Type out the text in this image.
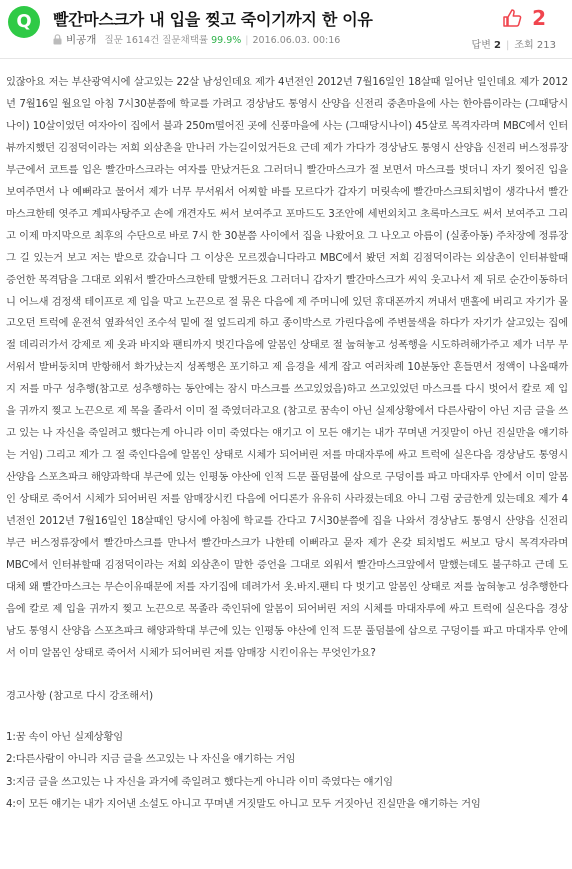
Q	빨간마스크가 내 입을 찢고 죽이기까지 한 이유
비공개 질문 1614건 질문채택률 99.9% | 2016.06.03. 00:16
2
답변 2 | 조회 213

있잖아요 저는 부산광역시에 살고있는 22살 남성인데요 제가 4년전인 2012년 7월16일인 18살때 일어난 일인데요 제가 2012년 7월16일 월요일 아침 7시30분쯤에 학교를 가려고 경상남도 통영시 산양읍 신전리 중촌마을에 사는 한아름이라는 (그때당시나이) 10살이었던 여자아이 집에서 불과 250m떨어진 곳에 신풍마을에 사는 (그때당시나이) 45살로 목격자라며 MBC에서 인터뷰까지했던 김점덕이라는 저희 외삼촌을 만나러 가는길이었거든요 근데 제가 가다가 경상남도 통영시 산양읍 신전리 버스정류장 부근에서 코트를 입은 빨간마스크라는 여자를 만났거든요 그러더니 빨간마스크가 절 보면서 마스크를 벗더니 자기 찢어진 입을 보여주면서 나 예뻐라고 물어서 제가 너무 무서워서 어찌할 바를 모르다가 갑자기 머릿속에 빨간마스크퇴치법이 생각나서 빨간마스크한테 엿주고 계피사탕주고 손에 개견자도 써서 보여주고 포마드도 3조안에 세번외치고 초록마스크도 써서 보여주고 그리고 이제 마지막으로 최후의 수단으로 바로 7시 한 30분쯤 사이에서 집을 나왔어요 그 나오고 아름이 (실종아동) 주차장에 정류장 그 길 있는거 보고 저는 밭으로 갔습니다 그 이상은 모르겠습니다라고 MBC에서 봤던 저희 김점덕이라는 외삼촌이 인터뷰할때 증언한 목격담을 그대로 외워서 빨간마스크한테 말했거든요 그러더니 갑자기 빨간마스크가 씨익 웃고나서 제 뒤로 순간이동하더니 어느새 검정색 테이프로 제 입을 막고 노끈으로 절 묶은 다음에 제 주머니에 있던 휴대폰까지 꺼내서 맨홀에 버리고 자기가 몰고오던 트럭에 운전석 옆좌석인 조수석 밑에 절 엎드리게 하고 종이박스로 가린다음에 주변물색을 하다가 자기가 살고있는 집에 절 데리러가서 강제로 제 옷과 바지와 팬티까지 벗긴다음에 알몸인 상태로 절 눕혀놓고 성폭행을 시도하려해가주고 제가 너무 무서워서 발버둥치며 반항해서 화가났는지 성폭행은 포기하고 제 음경을 세게 잡고 여러차례 10분동안 흔들면서 정액이 나올때까지 저를 마구 성추행(참고로 성추행하는 동안에는 잠시 마스크를 쓰고있었음)하고 쓰고있었던 마스크를 다시 벗어서 칼로 제 입을 귀까지 찢고 노끈으로 제 목을 졸라서 이미 절 죽였더라고요 (참고로 꿈속이 아닌 실제상황에서 다른사람이 아닌 지금 글을 쓰고 있는 나 자신을 죽일려고 했다는게 아니라 이미 죽였다는 얘기고 이 모든 얘기는 내가 꾸며낸 거짓말이 아닌 진실만을 얘기하는 거임) 그리고 제가 그 절 죽인다음에 알몸인 상태로 시체가 되어버린 저를 마대자루에 싸고 트럭에 실은다음 경상남도 통영시 산양읍 스포츠파크 해양과학대 부근에 있는 인평동 야산에 인적 드문 풀덤불에 삽으로 구덩이를 파고 마대자루 안에서 이미 알몸인 상태로 죽어서 시체가 되어버린 저를 암매장시킨 다음에 어디론가 유유히 사라졌는데요 아니 그럼 궁금한게 있는데요 제가 4년전인 2012년 7월16일인 18살때인 당시에 아침에 학교를 간다고 7시30분쯤에 집을 나와서 경상남도 통영시 산양읍 신전리 부근 버스정류장에서 빨간마스크를 만나서 빨간마스크가 나한테 이뻐라고 묻자 제가 온갖 퇴치법도 써보고 당시 목격자라며 MBC에서 인터뷰할때 김점덕이라는 저희 외삼촌이 말한 증언을 그대로 외워서 빨간마스크앞에서 말했는데도 불구하고 근데 도대체 왜 빨간마스크는 무슨이유때문에 저를 자기집에 데려가서 옷.바지.팬티 다 벗기고 알몸인 상태로 저를 눕혀놓고 성추행한다음에 칼로 제 입을 귀까지 찢고 노끈으로 목졸라 죽인뒤에 알몸이 되어버린 저의 시체를 마대자루에 싸고 트럭에 실은다음 경상남도 통영시 산양읍 스포츠파크 해양과학대 부근에 있는 인평동 야산에 인적 드문 풀덤불에 삽으로 구덩이를 파고 마대자루 안에서 이미 알몸인 상태로 죽어서 시체가 되어버린 저를 암매장 시킨이유는 무엇인가요?

경고사항 (참고로 다시 강조해서)
1:꿈 속이 아닌 실제상황임
2:다른사람이 아니라 지금 글을 쓰고있는 나 자신을 얘기하는 거임
3:지금 글을 쓰고있는 나 자신을 과거에 죽일려고 했다는게 아니라 이미 죽였다는 얘기임
4:이 모든 얘기는 내가 지어낸 소설도 아니고 꾸며낸 거짓말도 아니고 모두 거짓아닌 진실만을 얘기하는 거임
